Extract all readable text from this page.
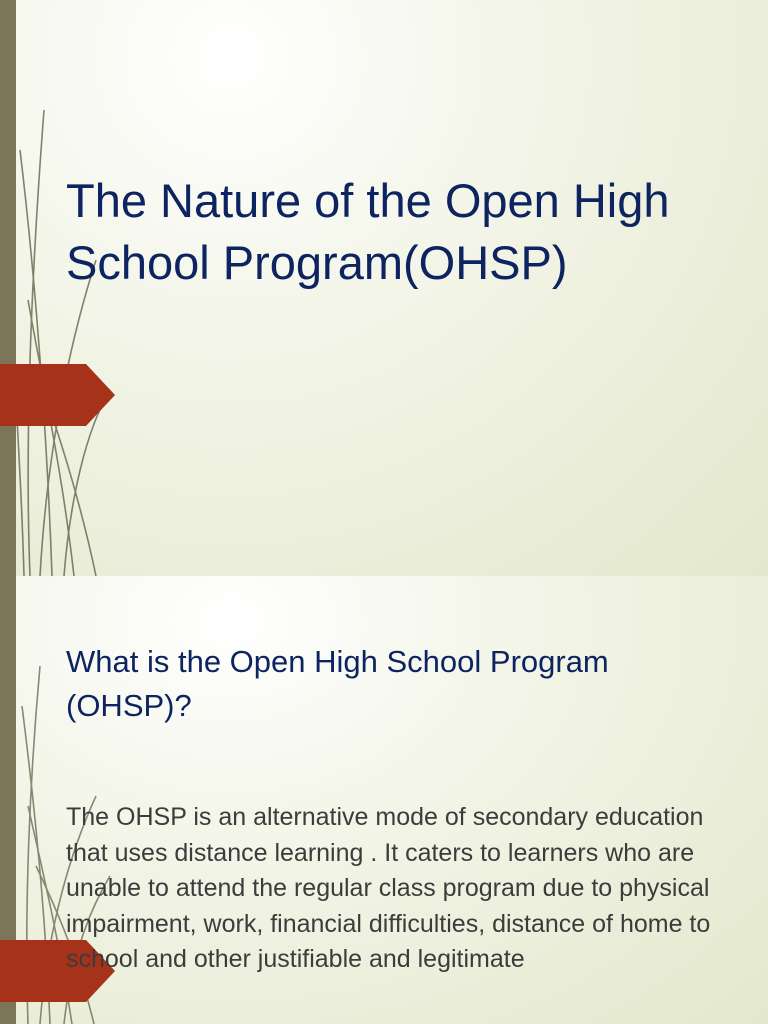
The Nature of the Open High School Program(OHSP)
What is the Open High School Program (OHSP)?

The OHSP is an alternative mode of secondary education that uses distance learning . It caters to learners who are unable to attend the regular class program due to physical impairment, work, financial difficulties, distance of home to school and other justifiable and legitimate
